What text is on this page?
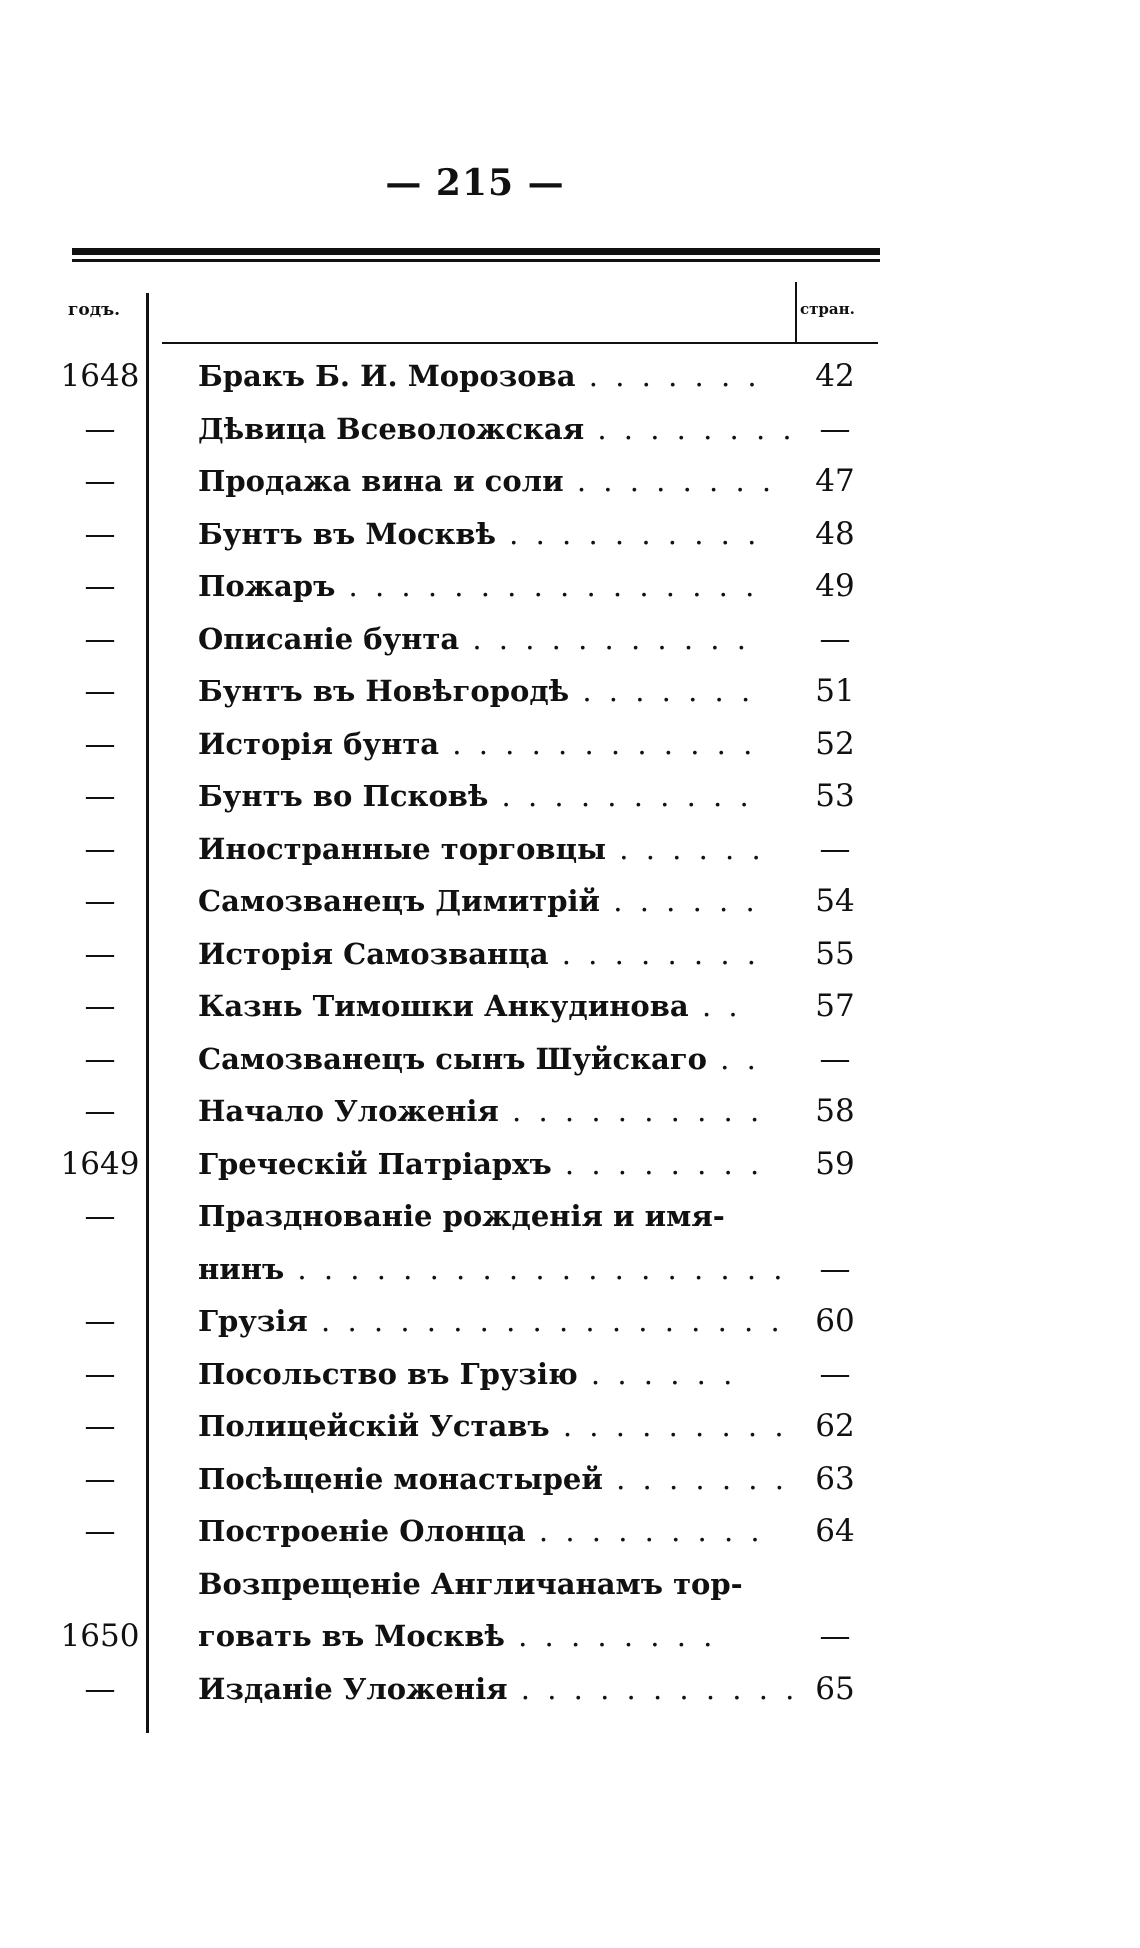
— 215 —
годъ.	стран.
1648 Бракъ Б. И. Морозова . . . . . . .	42
—	Дѣвица Всеволожская . . . . . . . . —
—	Продажа вина и соли . . . . . . . .	47
—	Бунтъ въ Москвѣ . . . . . . . . . .	48
—	Пожаръ . . . . . . . . . . . . . . . .	49
—	Описаніе бунта . . . . . . . . . . .	—
—	Бунтъ въ Новѣгородѣ . . . . . . .	51
—	Исторія бунта . . . . . . . . . . . .	52
—	Бунтъ во Псковѣ . . . . . . . . . .	53
—	Иностранные торговцы . . . . . .	—
—	Самозванецъ Димитрій . . . . . .	54
—	Исторія Самозванца . . . . . . . .	55
—	Казнь Тимошки Анкудинова . .	57
—	Самозванецъ сынъ Шуйскаго . .	—
—	Начало Уложенія . . . . . . . . . .	58
1649 Греческій Патріархъ . . . . . . . .	59
—	Празднованіе рожденія и имя-
нинъ . . . . . . . . . . . . . . . . . . .	—
—	Грузія . . . . . . . . . . . . . . . . . .	60
—	Посольство въ Грузію . . . . . .	—
—	Полицейскій Уставъ . . . . . . . . . 62
—	Посѣщеніе монастырей . . . . . . . 63
—	Построеніе Олонца . . . . . . . . .	64
Возпрещеніе Англичанамъ тор-
1650 говать въ Москвѣ . . . . . . . .	—
—	Изданіе Уложенія . . . . . . . . . . . 65
